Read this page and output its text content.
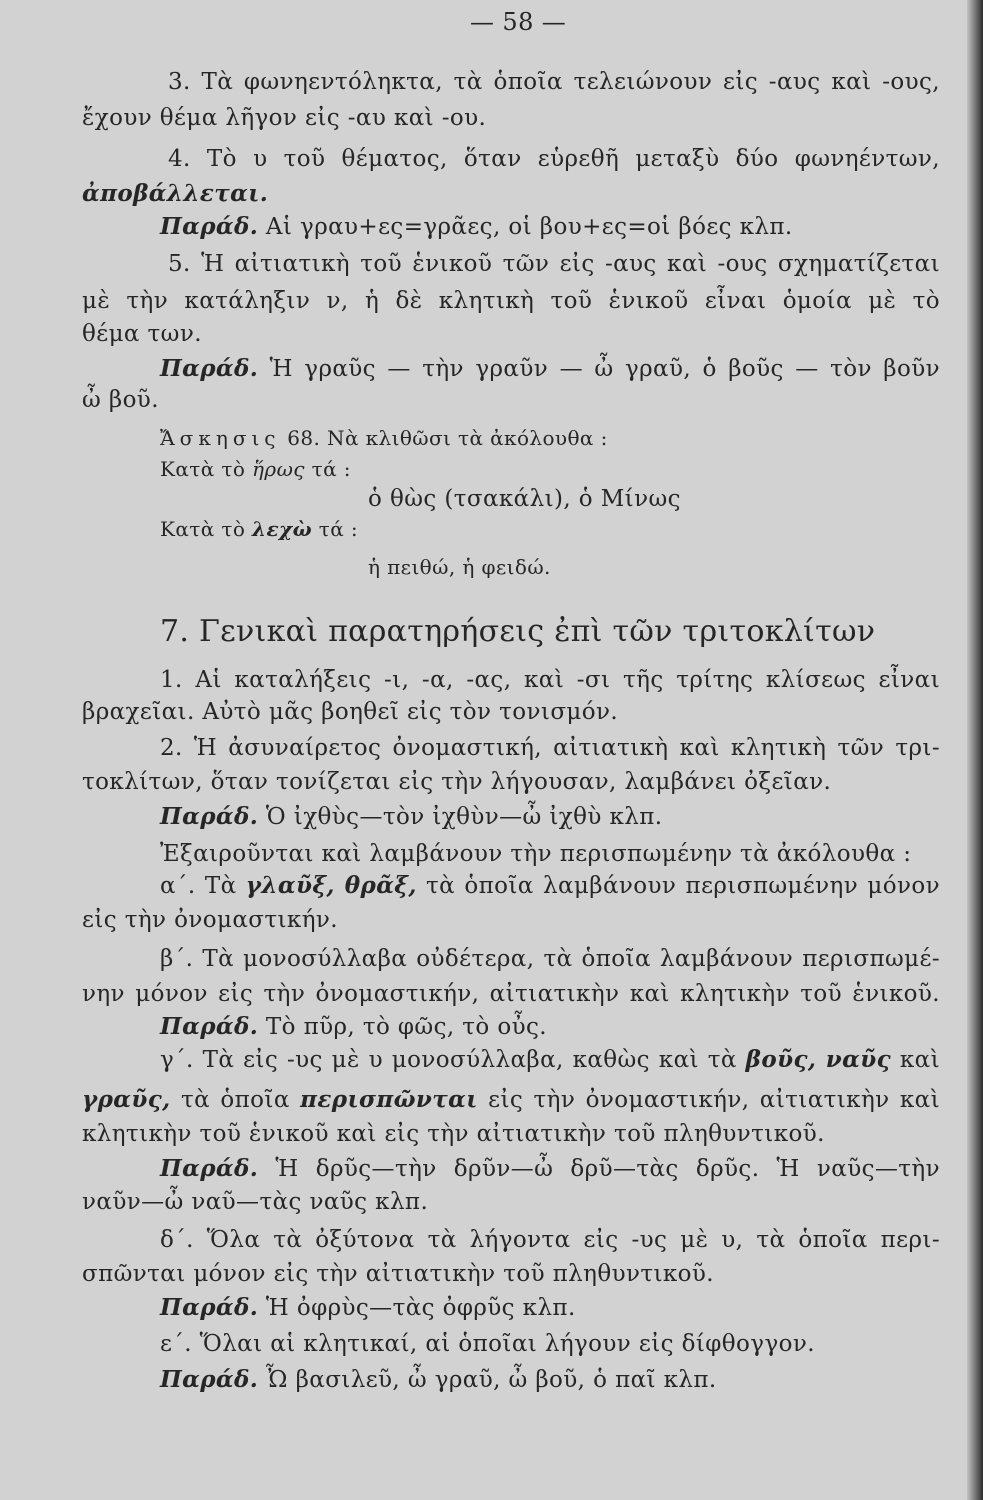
— 58 —
3. Τὰ φωνηεντόληκτα, τὰ ὁποῖα τελειώνουν εἰς -αυς καὶ -ους,
ἔχουν θέμα λῆγον εἰς -αυ καὶ -ου.
4. Τὸ υ τοῦ θέματος, ὅταν εὑρεθῆ μεταξὺ δύο φωνηέντων,
ἀποβάλλεται.
Παράδ. Αἱ γραυ+ες=γρᾶες, οἱ βου+ες=οἱ βόες κλπ.
5. Ἡ αἰτιατικὴ τοῦ ἑνικοῦ τῶν εἰς -αυς καὶ -ους σχηματίζεται
μὲ τὴν κατάληξιν ν, ἡ δὲ κλητικὴ τοῦ ἑνικοῦ εἶναι ὁμοία μὲ τὸ
θέμα των.
Παράδ. Ἡ γραῦς — τὴν γραῦν — ὦ γραῦ, ὁ βοῦς — τὸν βοῦν
ὦ βοῦ.
Ἄσκησις 68. Νὰ κλιθῶσι τὰ ἀκόλουθα :
Κατὰ τὸ ἥρως τά :
ὁ θὼς (τσακάλι), ὁ Μίνως
Κατὰ τὸ λεχὼ τά :
ἡ πειθώ, ἡ φειδώ.
7. Γενικαὶ παρατηρήσεις ἐπὶ τῶν τριτοκλίτων
1. Αἱ καταλήξεις -ι, -α, -ας, καὶ -σι τῆς τρίτης κλίσεως εἶναι
βραχεῖαι. Αὐτὸ μᾶς βοηθεῖ εἰς τὸν τονισμόν.
2. Ἡ ἀσυναίρετος ὀνομαστική, αἰτιατικὴ καὶ κλητικὴ τῶν τρι-
τοκλίτων, ὅταν τονίζεται εἰς τὴν λήγουσαν, λαμβάνει ὀξεῖαν.
Παράδ. Ὁ ἰχθὺς—τὸν ἰχθὺν—ὦ ἰχθὺ κλπ.
Ἐξαιροῦνται καὶ λαμβάνουν τὴν περισπωμένην τὰ ἀκόλουθα :
α΄. Τὰ γλαῦξ, θρᾶξ, τὰ ὁποῖα λαμβάνουν περισπωμένην μόνον
εἰς τὴν ὀνομαστικήν.
β΄. Τὰ μονοσύλλαβα οὐδέτερα, τὰ ὁποῖα λαμβάνουν περισπωμέ-
νην μόνον εἰς τὴν ὀνομαστικήν, αἰτιατικὴν καὶ κλητικὴν τοῦ ἑνικοῦ.
Παράδ. Τὸ πῦρ, τὸ φῶς, τὸ οὖς.
γ΄. Τὰ εἰς -υς μὲ υ μονοσύλλαβα, καθὼς καὶ τὰ βοῦς, ναῦς καὶ
γραῦς, τὰ ὁποῖα περισπῶνται εἰς τὴν ὀνομαστικήν, αἰτιατικὴν καὶ
κλητικὴν τοῦ ἑνικοῦ καὶ εἰς τὴν αἰτιατικὴν τοῦ πληθυντικοῦ.
Παράδ. Ἡ δρῦς—τὴν δρῦν—ὦ δρῦ—τὰς δρῦς. Ἡ ναῦς—τὴν
ναῦν—ὦ ναῦ—τὰς ναῦς κλπ.
δ΄. Ὅλα τὰ ὀξύτονα τὰ λήγοντα εἰς -υς μὲ υ, τὰ ὁποῖα περι-
σπῶνται μόνον εἰς τὴν αἰτιατικὴν τοῦ πληθυντικοῦ.
Παράδ. Ἡ ὀφρὺς—τὰς ὀφρῦς κλπ.
ε΄. Ὅλαι αἱ κλητικαί, αἱ ὁποῖαι λήγουν εἰς δίφθογγον.
Παράδ. Ὦ βασιλεῦ, ὦ γραῦ, ὦ βοῦ, ὁ παῖ κλπ.
